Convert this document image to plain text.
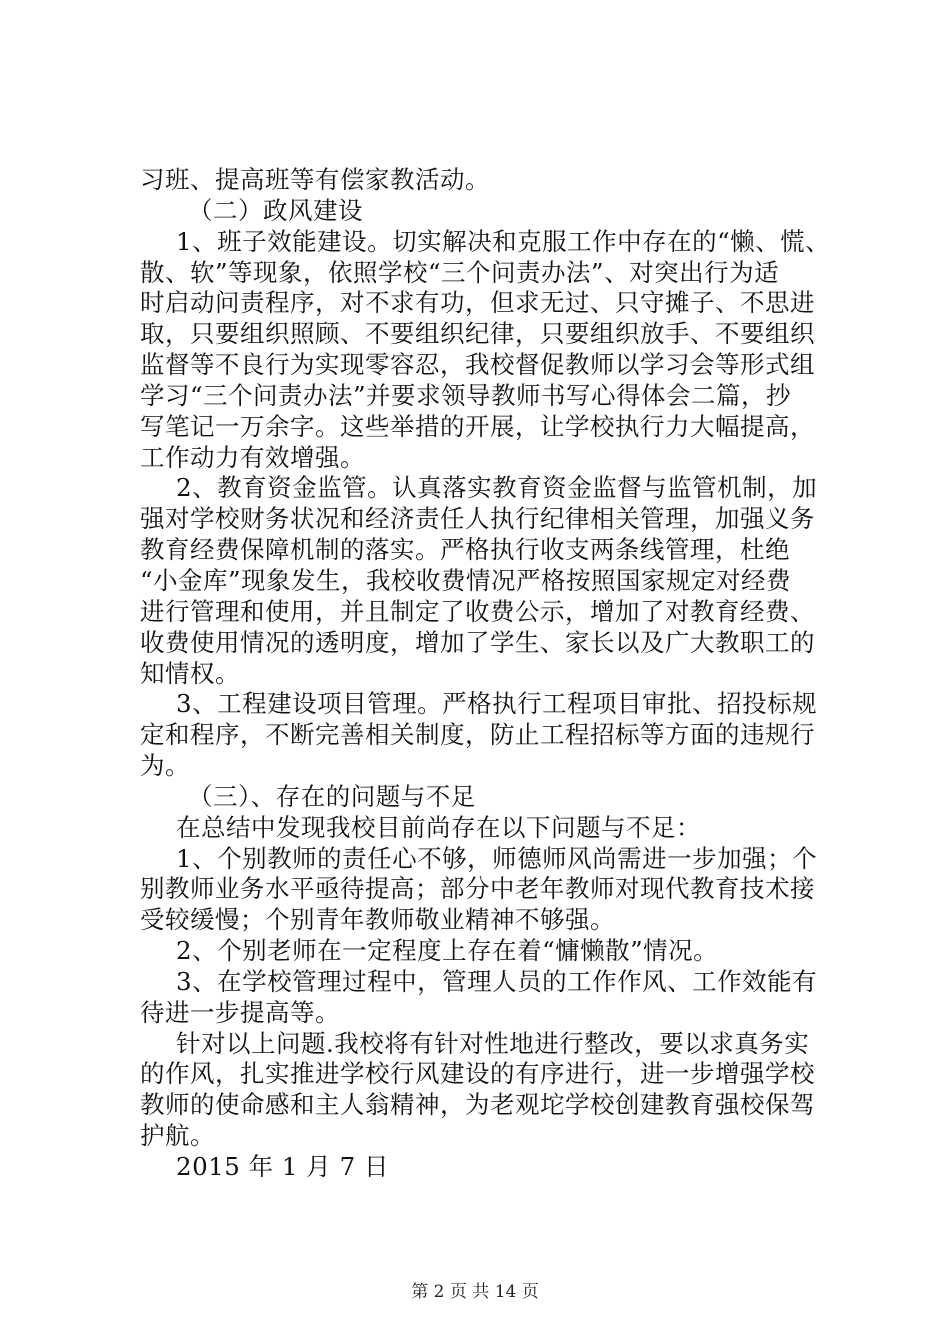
习班、提高班等有偿家教活动。
（二）政风建设
1、班子效能建设。切实解决和克服工作中存在的“懒、慌、
散、软”等现象，依照学校“三个问责办法”、对突出行为适
时启动问责程序，对不求有功，但求无过、只守摊子、不思进
取，只要组织照顾、不要组织纪律，只要组织放手、不要组织
监督等不良行为实现零容忍，我校督促教师以学习会等形式组
学习“三个问责办法”并要求领导教师书写心得体会二篇，抄
写笔记一万余字。这些举措的开展，让学校执行力大幅提高，
工作动力有效增强。
2、教育资金监管。认真落实教育资金监督与监管机制，加
强对学校财务状况和经济责任人执行纪律相关管理，加强义务
教育经费保障机制的落实。严格执行收支两条线管理，杜绝
“小金库”现象发生，我校收费情况严格按照国家规定对经费
进行管理和使用，并且制定了收费公示，增加了对教育经费、
收费使用情况的透明度，增加了学生、家长以及广大教职工的
知情权。
3、工程建设项目管理。严格执行工程项目审批、招投标规
定和程序，不断完善相关制度，防止工程招标等方面的违规行
为。
（三）、存在的问题与不足
在总结中发现我校目前尚存在以下问题与不足：
1、个别教师的责任心不够，师德师风尚需进一步加强；个
别教师业务水平亟待提高；部分中老年教师对现代教育技术接
受较缓慢；个别青年教师敬业精神不够强。
2、个别老师在一定程度上存在着“慵懒散”情况。
3、在学校管理过程中，管理人员的工作作风、工作效能有
待进一步提高等。
针对以上问题.我校将有针对性地进行整改，要以求真务实
的作风，扎实推进学校行风建设的有序进行，进一步增强学校
教师的使命感和主人翁精神，为老观坨学校创建教育强校保驾
护航。
2015 年 1 月 7 日
第 2 页 共 14 页
